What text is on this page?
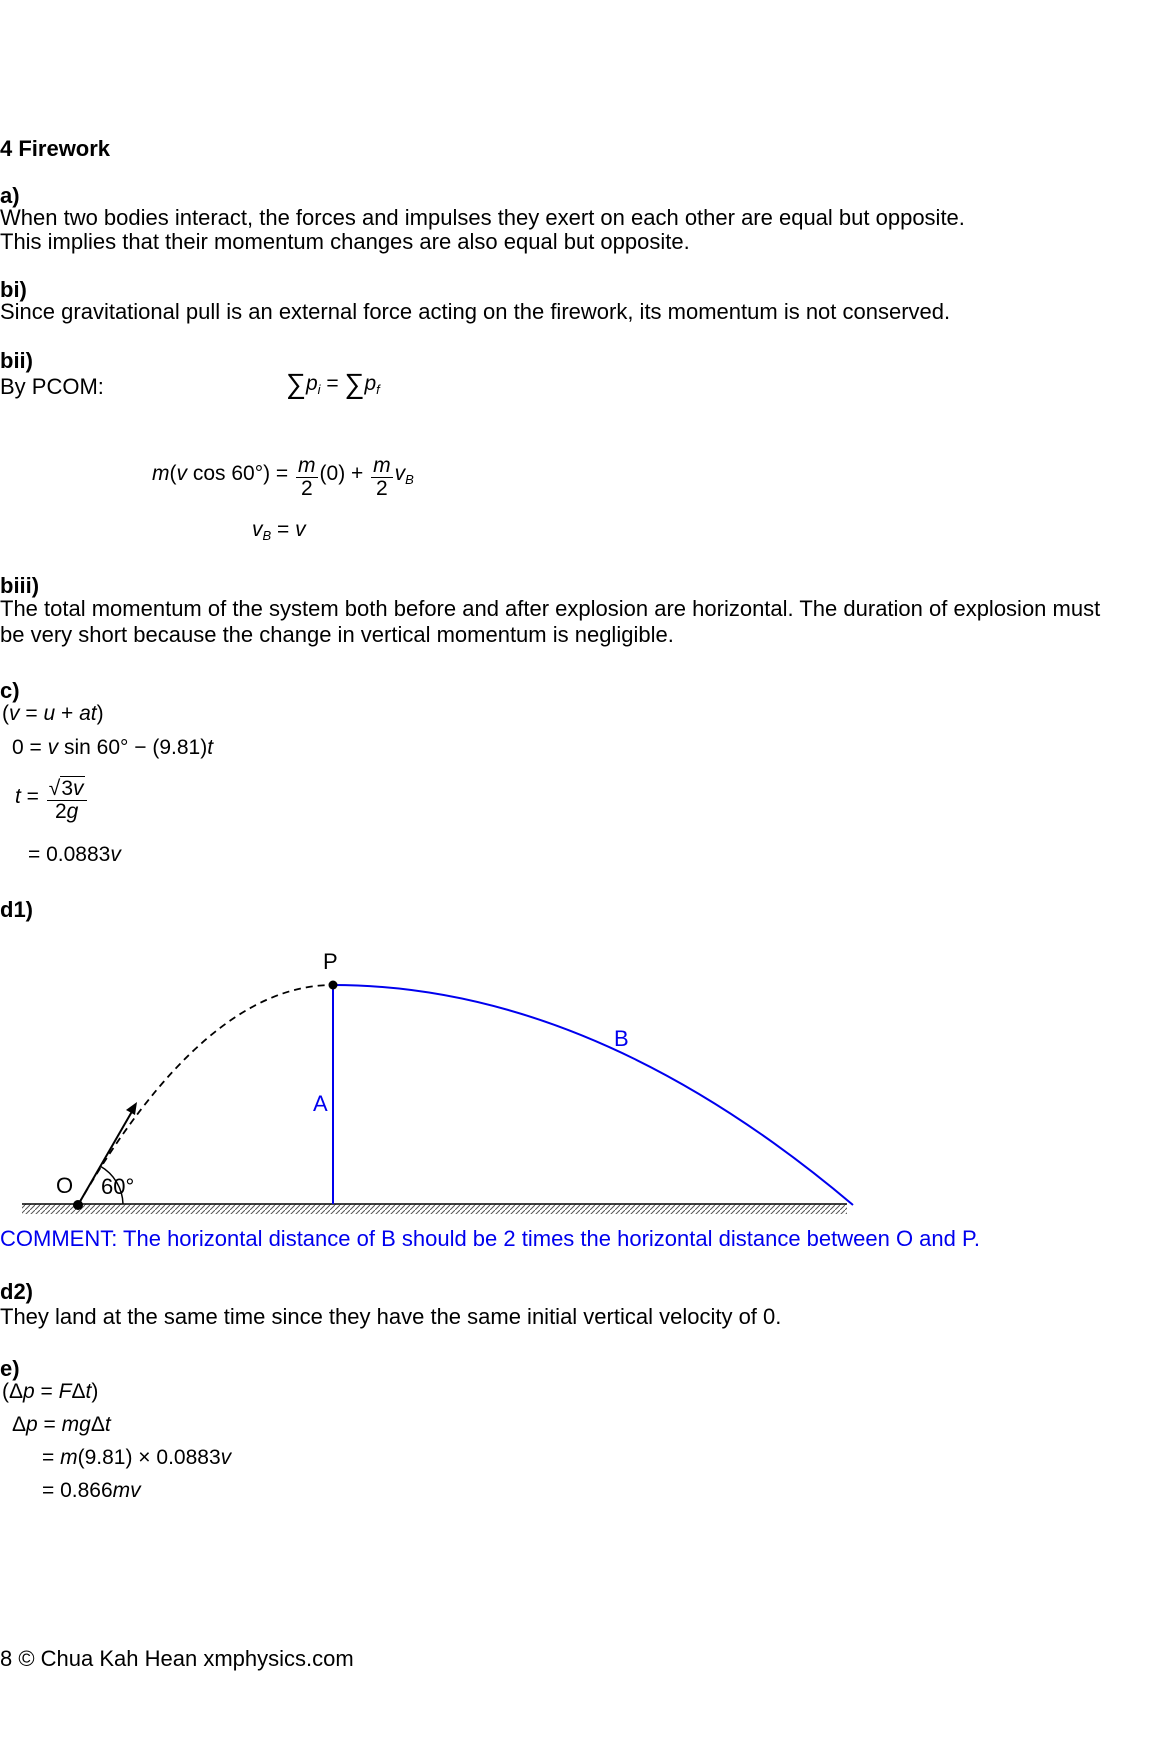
4 Firework
a)
When two bodies interact, the forces and impulses they exert on each other are equal but opposite.
This implies that their momentum changes are also equal but opposite.
bi)
Since gravitational pull is an external force acting on the firework, its momentum is not conserved.
bii)
By PCOM:	$\sum p_i = \sum p_f$
m(v $\cos 60^\circ) = \frac{m}{2} (0) + \frac{m}{2} v_B$
$v_B = v$
biii)
The total momentum of the system both before and after explosion are horizontal. The duration of explosion must
be very short because the change in vertical momentum is negligible.
c)
(v = u + at)
0 = v sin 60° − (9.81)t
$t = \frac{√3v}{2g}$
= 0.0883v
d1)
P
A
B
O 60°
COMMENT: The horizontal distance of B should be 2 times the horizontal distance between O and P.
d2)
They land at the same time since they have the same initial vertical velocity of 0.
e)
(Δp = FΔt)
Δp = mgΔt
= m(9.81) × 0.0883v
= 0.866mv
8 © Chua Kah Hean xmphysics.com
